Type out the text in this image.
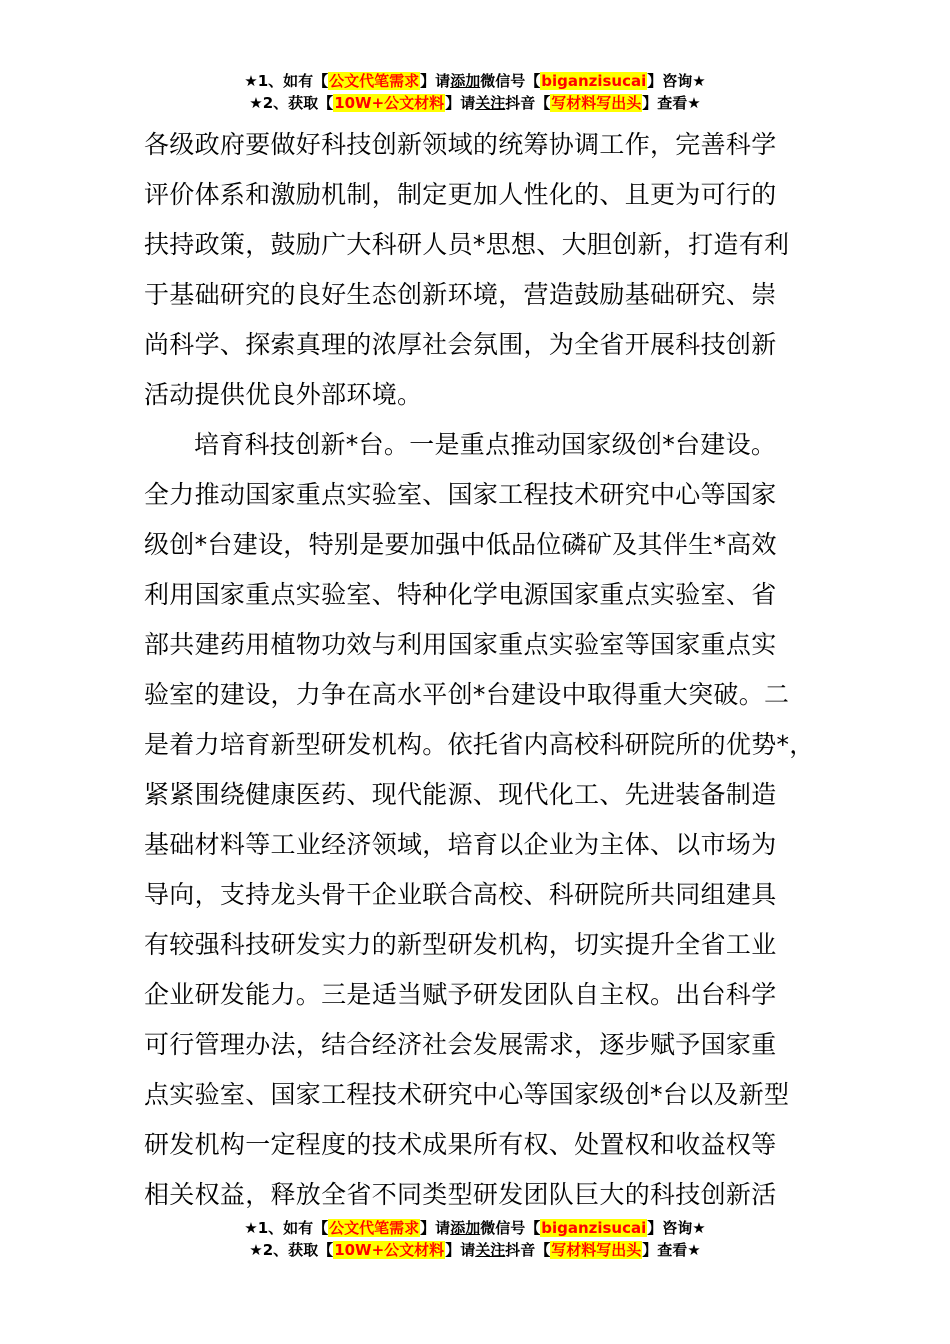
★1、如有【公文代笔需求】请添加微信号【biganzisucai】咨询★
★2、获取【10W+公文材料】请关注抖音【写材料写出头】查看★
各级政府要做好科技创新领域的统筹协调工作，完善科学
评价体系和激励机制，制定更加人性化的、且更为可行的
扶持政策，鼓励广大科研人员*思想、大胆创新，打造有利
于基础研究的良好生态创新环境，营造鼓励基础研究、崇
尚科学、探索真理的浓厚社会氛围，为全省开展科技创新
活动提供优良外部环境。
培育科技创新*台。一是重点推动国家级创*台建设。
全力推动国家重点实验室、国家工程技术研究中心等国家
级创*台建设，特别是要加强中低品位磷矿及其伴生*高效
利用国家重点实验室、特种化学电源国家重点实验室、省
部共建药用植物功效与利用国家重点实验室等国家重点实
验室的建设，力争在高水平创*台建设中取得重大突破。二
是着力培育新型研发机构。依托省内高校科研院所的优势*，
紧紧围绕健康医药、现代能源、现代化工、先进装备制造
基础材料等工业经济领域，培育以企业为主体、以市场为
导向，支持龙头骨干企业联合高校、科研院所共同组建具
有较强科技研发实力的新型研发机构，切实提升全省工业
企业研发能力。三是适当赋予研发团队自主权。出台科学
可行管理办法，结合经济社会发展需求，逐步赋予国家重
点实验室、国家工程技术研究中心等国家级创*台以及新型
研发机构一定程度的技术成果所有权、处置权和收益权等
相关权益，释放全省不同类型研发团队巨大的科技创新活
★1、如有【公文代笔需求】请添加微信号【biganzisucai】咨询★
★2、获取【10W+公文材料】请关注抖音【写材料写出头】查看★
